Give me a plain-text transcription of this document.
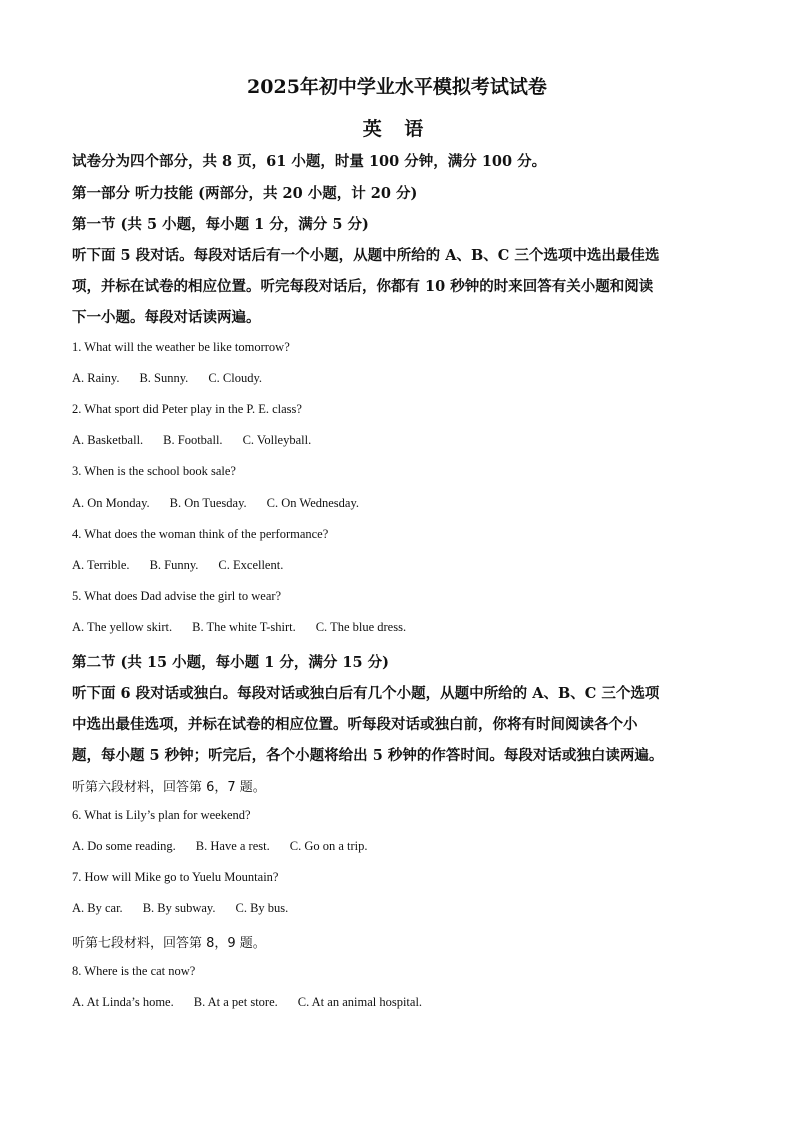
2025年初中学业水平模拟考试试卷
英 语
试卷分为四个部分，共 8 页，61 小题，时量 100 分钟，满分 100 分。
第一部分 听力技能 (两部分，共 20 小题，计 20 分)
第一节 (共 5 小题，每小题 1 分，满分 5 分)
听下面 5 段对话。每段对话后有一个小题，从题中所给的 A、B、C 三个选项中选出最佳选
项，并标在试卷的相应位置。听完每段对话后，你都有 10 秒钟的时来回答有关小题和阅读
下一小题。每段对话读两遍。
1. What will the weather be like tomorrow?
A. Rainy. B. Sunny. C. Cloudy.
2. What sport did Peter play in the P. E. class?
A. Basketball. B. Football. C. Volleyball.
3. When is the school book sale?
A. On Monday. B. On Tuesday. C. On Wednesday.
4. What does the woman think of the performance?
A. Terrible. B. Funny. C. Excellent.
5. What does Dad advise the girl to wear?
A. The yellow skirt. B. The white T-shirt. C. The blue dress.
第二节 (共 15 小题，每小题 1 分，满分 15 分)
听下面 6 段对话或独白。每段对话或独白后有几个小题，从题中所给的 A、B、C 三个选项
中选出最佳选项，并标在试卷的相应位置。听每段对话或独白前，你将有时间阅读各个小
题，每小题 5 秒钟；听完后，各个小题将给出 5 秒钟的作答时间。每段对话或独白读两遍。
听第六段材料，回答第 6，7 题。
6. What is Lily’s plan for weekend?
A. Do some reading. B. Have a rest. C. Go on a trip.
7. How will Mike go to Yuelu Mountain?
A. By car. B. By subway. C. By bus.
听第七段材料，回答第 8，9 题。
8. Where is the cat now?
A. At Linda’s home. B. At a pet store. C. At an animal hospital.
